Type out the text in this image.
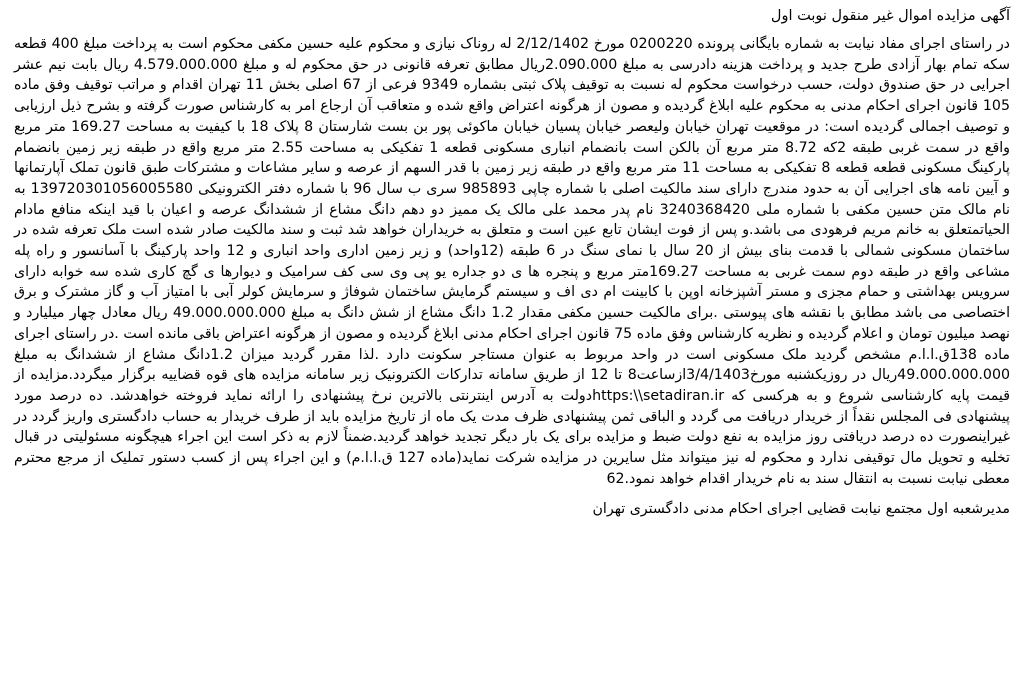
آگهی مزایده اموال غیر منقول نوبت اول

در راستای اجرای مفاد نیابت به شماره بایگانی پرونده 0200220 مورخ 2/12/1402 له روناک نیازی و محکوم علیه حسین مکفی محکوم است به پرداخت مبلغ 400 قطعه سکه تمام بهار آزادی طرح جدید و پرداخت هزینه دادرسی به مبلغ 2.090.000ریال مطابق تعرفه قانونی در حق محکوم له و مبلغ 4.579.000.000 ریال بابت نیم عشر اجرایی در حق صندوق دولت، حسب درخواست محکوم له نسبت به توقیف پلاک ثبتی بشماره 9349 فرعی از 67 اصلی بخش 11 تهران اقدام و مراتب توقیف وفق ماده 105 قانون اجرای احکام مدنی به محکوم علیه ابلاغ گردیده و مصون از هرگونه اعتراض واقع شده و متعاقب آن ارجاع امر به کارشناس صورت گرفته و بشرح ذیل ارزیابی و توصیف اجمالی گردیده است: در موقعیت تهران خیابان ولیعصر خیابان پسیان خیابان ماکوئی پور بن بست شارستان 8 پلاک 18 با کیفیت به مساحت 169.27 متر مربع واقع در سمت غربی طبقه 2که 8.72 متر مربع آن بالکن است بانضمام انباری مسکونی قطعه 1 تفکیکی به مساحت 2.55 متر مربع واقع در طبقه زیر زمین بانضمام پارکینگ مسکونی قطعه قطعه 8 تفکیکی به مساحت 11 متر مربع واقع در طبقه زیر زمین با قدر السهم از عرصه و سایر مشاعات و مشترکات طبق قانون تملک آپارتمانها و آیین نامه های اجرایی آن به حدود مندرج دارای سند مالکیت اصلی با شماره چاپی 985893 سری ب سال 96 با شماره دفتر الکترونیکی 139720301056005580 به نام مالک متن حسین مکفی با شماره ملی 3240368420 نام پدر محمد علی مالک یک ممیز دو دهم دانگ مشاع از ششدانگ عرصه و اعیان با قید اینکه منافع مادام الحیاتمتعلق به خانم مریم فرهودی می باشد.و پس از فوت ایشان تابع عین است و متعلق به خریداران خواهد شد ثبت و سند مالکیت صادر شده است ملک تعرفه شده در ساختمان مسکونی شمالی با قدمت بنای بیش از 20 سال با نمای سنگ در 6 طبقه (12واحد) و زیر زمین اداری واحد انباری و 12 واحد پارکینگ با آسانسور و راه پله مشاعی واقع در طبقه دوم سمت غربی به مساحت 169.27متر مربع و پنجره ها ی دو جداره یو پی وی سی کف سرامیک و دیوارها ی گچ کاری شده سه خوابه دارای سرویس بهداشتی و حمام مجزی و مستر آشپزخانه اوپن با کابینت ام دی اف و سیستم گرمایش ساختمان شوفاژ و سرمایش کولر آبی با امتیاز آب و گاز مشترک و برق اختصاصی می باشد مطابق با نقشه های پیوستی .برای مالکیت حسین مکفی مقدار 1.2 دانگ مشاع از شش دانگ به مبلغ 49.000.000.000 ریال معادل چهار میلیارد و نهصد میلیون تومان و اعلام گردیده و نظریه کارشناس وفق ماده 75 قانون اجرای احکام مدنی ابلاغ گردیده و مصون از هرگونه اعتراض باقی مانده است .در راستای اجرای ماده 138ق.ا.ا.م مشخص گردید ملک مسکونی است در واحد مربوط به عنوان مستاجر سکونت دارد .لذا مقرر گردید میزان 1.2دانگ مشاع از ششدانگ به مبلغ 49.000.000.000ریال در روزیکشنبه مورخ3/4/1403ازساعت8 تا 12 از طریق سامانه تدارکات الکترونیک زیر سامانه مزایده های قوه قضاییه برگزار میگردد.مزایده از قیمت پایه کارشناسی شروع و به هرکسی که https:\\setadiran.irدولت به آدرس اینترنتی بالاترین نرخ پیشنهادی را ارائه نماید فروخته خواهدشد. ده درصد مورد پیشنهادی فی المجلس نقداً از خریدار دریافت می گردد و الباقی ثمن پیشنهادی ظرف مدت یک ماه از تاریخ مزایده باید از طرف خریدار به حساب دادگستری واریز گردد در غیراینصورت ده درصد دریافتی روز مزایده به نفع دولت ضبط و مزایده برای یک بار دیگر تجدید خواهد گردید.ضمناً لازم به ذکر است این اجراء هیچگونه مسئولیتی در قبال تخلیه و تحویل مال توقیفی ندارد و محکوم له نیز میتواند مثل سایرین در مزایده شرکت نماید(ماده 127 ق.ا.ا.م) و این اجراء پس از کسب دستور تملیک از مرجع محترم معطی نیابت نسبت به انتقال سند به نام خریدار اقدام خواهد نمود.62

مدیرشعبه اول مجتمع نیابت قضایی اجرای احکام مدنی دادگستری تهران
